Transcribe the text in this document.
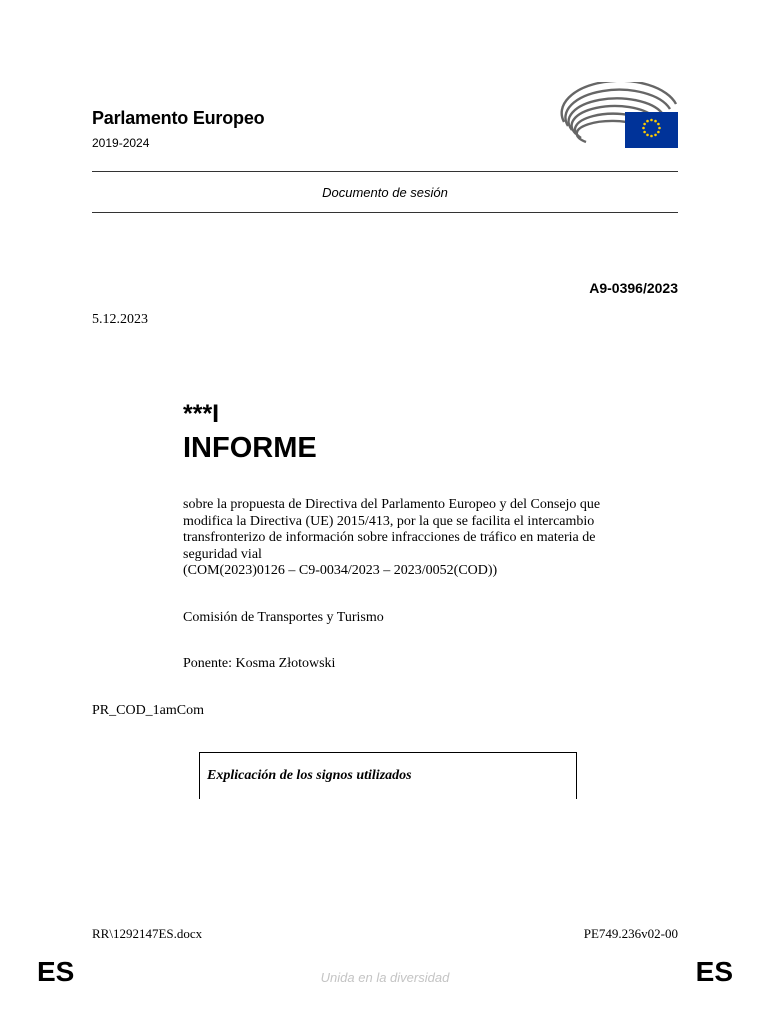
Parlamento Europeo
2019-2024
Documento de sesión
A9-0396/2023
5.12.2023
***I
INFORME
sobre la propuesta de Directiva del Parlamento Europeo y del Consejo que
modifica la Directiva (UE) 2015/413, por la que se facilita el intercambio
transfronterizo de información sobre infracciones de tráfico en materia de
seguridad vial
(COM(2023)0126 – C9-0034/2023 – 2023/0052(COD))
Comisión de Transportes y Turismo
Ponente: Kosma Złotowski
PR_COD_1amCom
Explicación de los signos utilizados
RR\1292147ES.docx	PE749.236v02-00
ES	Unida en la diversidad	ES
